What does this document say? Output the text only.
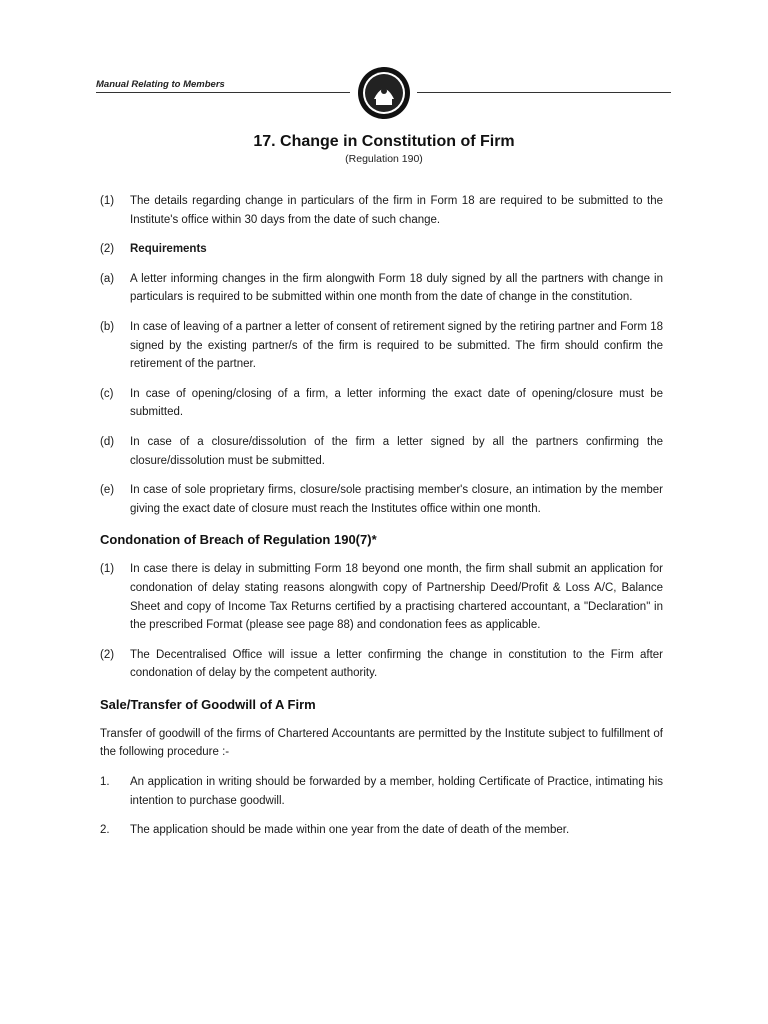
Manual Relating to Members
17. Change in Constitution of Firm
(Regulation 190)
(1)	The details regarding change in particulars of the firm in Form 18 are required to be submitted to the Institute's office within 30 days from the date of such change.
(2)	Requirements
(a)	A letter informing changes in the firm alongwith Form 18 duly signed by all the partners with change in particulars is required to be submitted within one month from the date of change in the constitution.
(b)	In case of leaving of a partner a letter of consent of retirement signed by the retiring partner and Form 18 signed by the existing partner/s of the firm is required to be submitted. The firm should confirm the retirement of the partner.
(c)	In case of opening/closing of a firm, a letter informing the exact date of opening/closure must be submitted.
(d)	In case of a closure/dissolution of the firm a letter signed by all the partners confirming the closure/dissolution must be submitted.
(e)	In case of sole proprietary firms, closure/sole practising member's closure, an intimation by the member giving the exact date of closure must reach the Institutes office within one month.
Condonation of Breach of Regulation 190(7)*
(1)	In case there is delay in submitting Form 18 beyond one month, the firm shall submit an application for condonation of delay stating reasons alongwith copy of Partnership Deed/Profit & Loss A/C, Balance Sheet and copy of Income Tax Returns certified by a practising chartered accountant, a "Declaration" in the prescribed Format (please see page 88) and condonation fees as applicable.
(2)	The Decentralised Office will issue a letter confirming the change in constitution to the Firm after condonation of delay by the competent authority.
Sale/Transfer of Goodwill of A Firm
Transfer of goodwill of the firms of Chartered Accountants are permitted by the Institute subject to fulfillment of the following procedure :-
1.	An application in writing should be forwarded by a member, holding Certificate of Practice, intimating his intention to purchase goodwill.
2.	The application should be made within one year from the date of death of the member.
